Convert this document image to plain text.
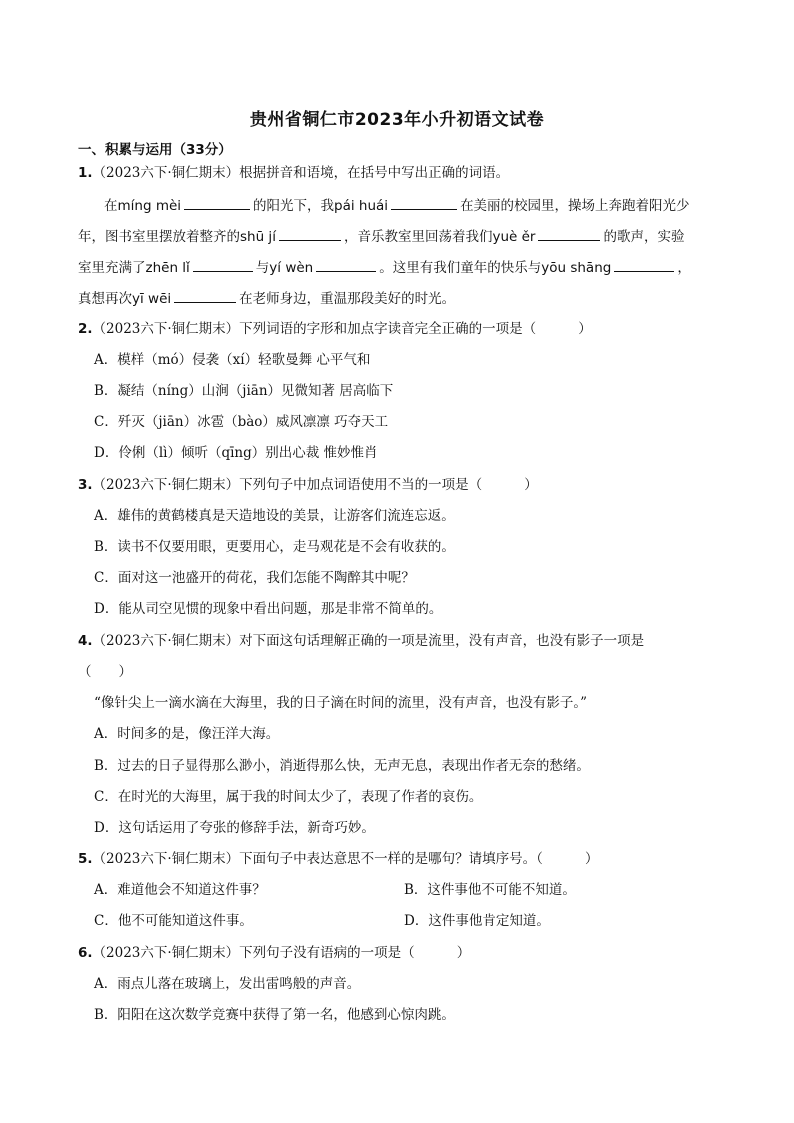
贵州省铜仁市2023年小升初语文试卷
一、积累与运用（33分）
1.（2023六下·铜仁期末）根据拼音和语境，在括号中写出正确的词语。
在míng mèi	的阳光下，我pái huái	在美丽的校园里，操场上奔跑着阳光少
年，图书室里摆放着整齐的shū jí	，音乐教室里回荡着我们yuè ěr	的歌声，实验
室里充满了zhēn lǐ	与yí wèn	。这里有我们童年的快乐与yōu shāng	，
真想再次yī wēi	在老师身边，重温那段美好的时光。
2.（2023六下·铜仁期末）下列词语的字形和加点字读音完全正确的一项是（	）
A．模样（mó）侵袭（xí）轻歌曼舞 心平气和
B．凝结（níng）山涧（jiān）见微知著 居高临下
C．歼灭（jiān）冰雹（bào）威风凛凛 巧夺天工
D．伶俐（lì）倾听（qīng）别出心裁 惟妙惟肖
3.（2023六下·铜仁期末）下列句子中加点词语使用不当的一项是（	）
A．雄伟的黄鹤楼真是天造地设的美景，让游客们流连忘返。
B．读书不仅要用眼，更要用心，走马观花是不会有收获的。
C．面对这一池盛开的荷花，我们怎能不陶醉其中呢？
D．能从司空见惯的现象中看出问题，那是非常不简单的。
4.（2023六下·铜仁期末）对下面这句话理解正确的一项是流里，没有声音，也没有影子一项是
（　　）
“像针尖上一滴水滴在大海里，我的日子滴在时间的流里，没有声音，也没有影子。”
A．时间多的是，像汪洋大海。
B．过去的日子显得那么渺小，消逝得那么快，无声无息，表现出作者无奈的愁绪。
C．在时光的大海里，属于我的时间太少了，表现了作者的哀伤。
D．这句话运用了夸张的修辞手法，新奇巧妙。
5.（2023六下·铜仁期末）下面句子中表达意思不一样的是哪句？请填序号。（	）
A．难道他会不知道这件事？	B．这件事他不可能不知道。
C．他不可能知道这件事。	D．这件事他肯定知道。
6.（2023六下·铜仁期末）下列句子没有语病的一项是（	）
A．雨点儿落在玻璃上，发出雷鸣般的声音。
B．阳阳在这次数学竞赛中获得了第一名，他感到心惊肉跳。
